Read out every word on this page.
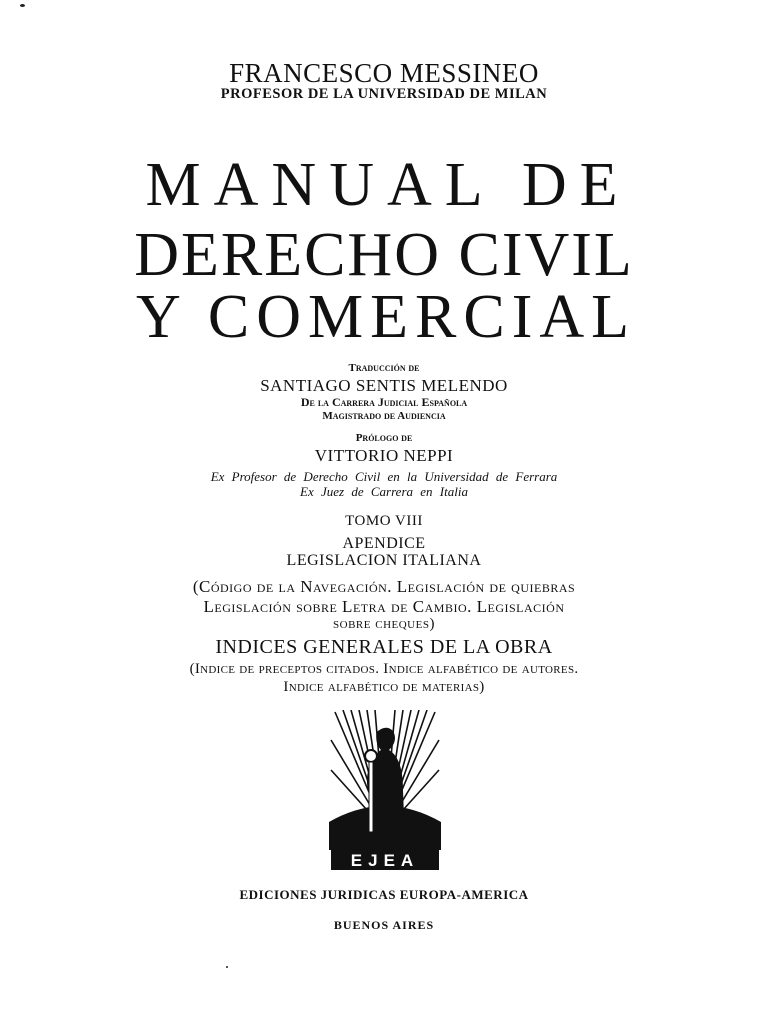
FRANCESCO MESSINEO
PROFESOR DE LA UNIVERSIDAD DE MILAN
MANUAL DE
DERECHO CIVIL
Y COMERCIAL
Traducción de
SANTIAGO SENTIS MELENDO
De la Carrera Judicial Española
Magistrado de Audiencia
Prólogo de
VITTORIO NEPPI
Ex Profesor de Derecho Civil en la Universidad de Ferrara
Ex Juez de Carrera en Italia
TOMO VIII
APENDICE
LEGISLACION ITALIANA
(Código de la Navegación. Legislación de quiebras
Legislación sobre Letra de Cambio. Legislación
sobre cheques)
INDICES GENERALES DE LA OBRA
(Indice de preceptos citados. Indice alfabético de autores.
Indice alfabético de materias)
EJEA
EDICIONES JURIDICAS EUROPA-AMERICA
BUENOS AIRES
